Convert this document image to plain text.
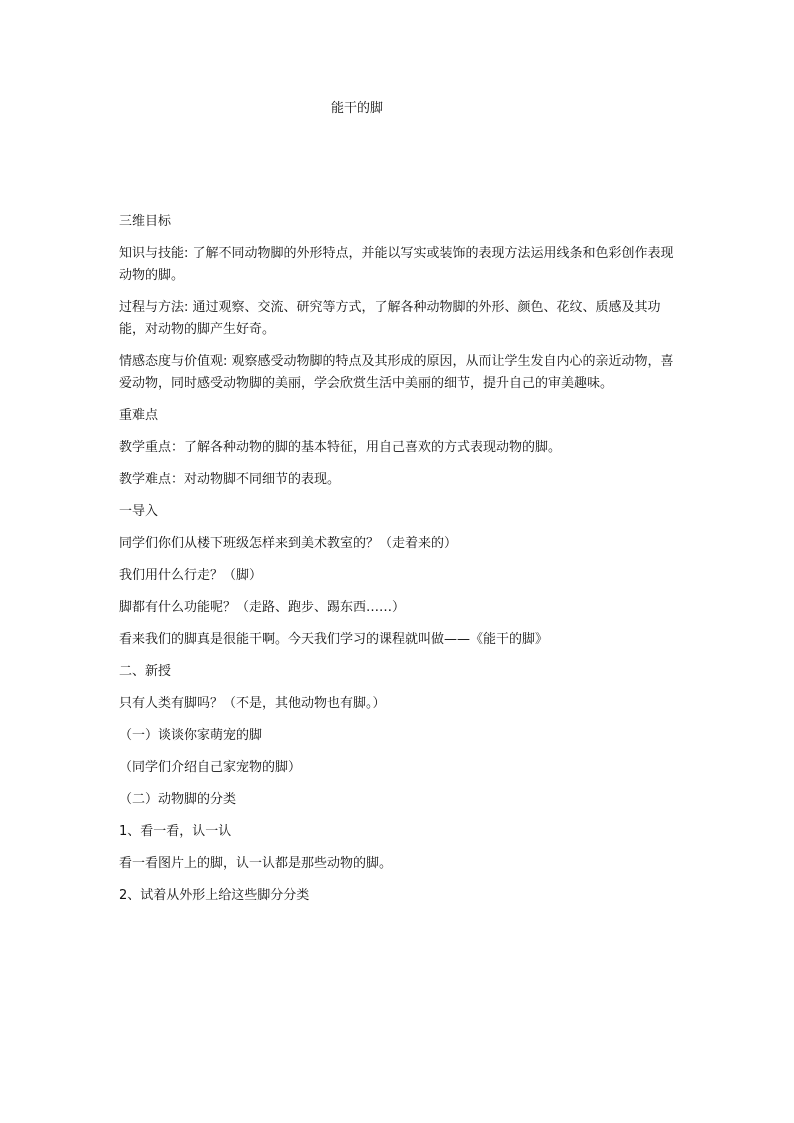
能干的脚

三维目标

知识与技能: 了解不同动物脚的外形特点，并能以写实或装饰的表现方法运用线条和色彩创作表现动物的脚。

过程与方法: 通过观察、交流、研究等方式，了解各种动物脚的外形、颜色、花纹、质感及其功能，对动物的脚产生好奇。

情感态度与价值观: 观察感受动物脚的特点及其形成的原因，从而让学生发自内心的亲近动物，喜爱动物，同时感受动物脚的美丽，学会欣赏生活中美丽的细节，提升自己的审美趣味。

重难点

教学重点：了解各种动物的脚的基本特征，用自己喜欢的方式表现动物的脚。

教学难点：对动物脚不同细节的表现。

一导入

同学们你们从楼下班级怎样来到美术教室的？（走着来的）

我们用什么行走？（脚）

脚都有什么功能呢？（走路、跑步、踢东西……）

看来我们的脚真是很能干啊。今天我们学习的课程就叫做——《能干的脚》

二、新授

只有人类有脚吗？（不是，其他动物也有脚。）

（一）谈谈你家萌宠的脚

（同学们介绍自己家宠物的脚）

（二）动物脚的分类

1、看一看，认一认

看一看图片上的脚，认一认都是那些动物的脚。

2、试着从外形上给这些脚分分类
